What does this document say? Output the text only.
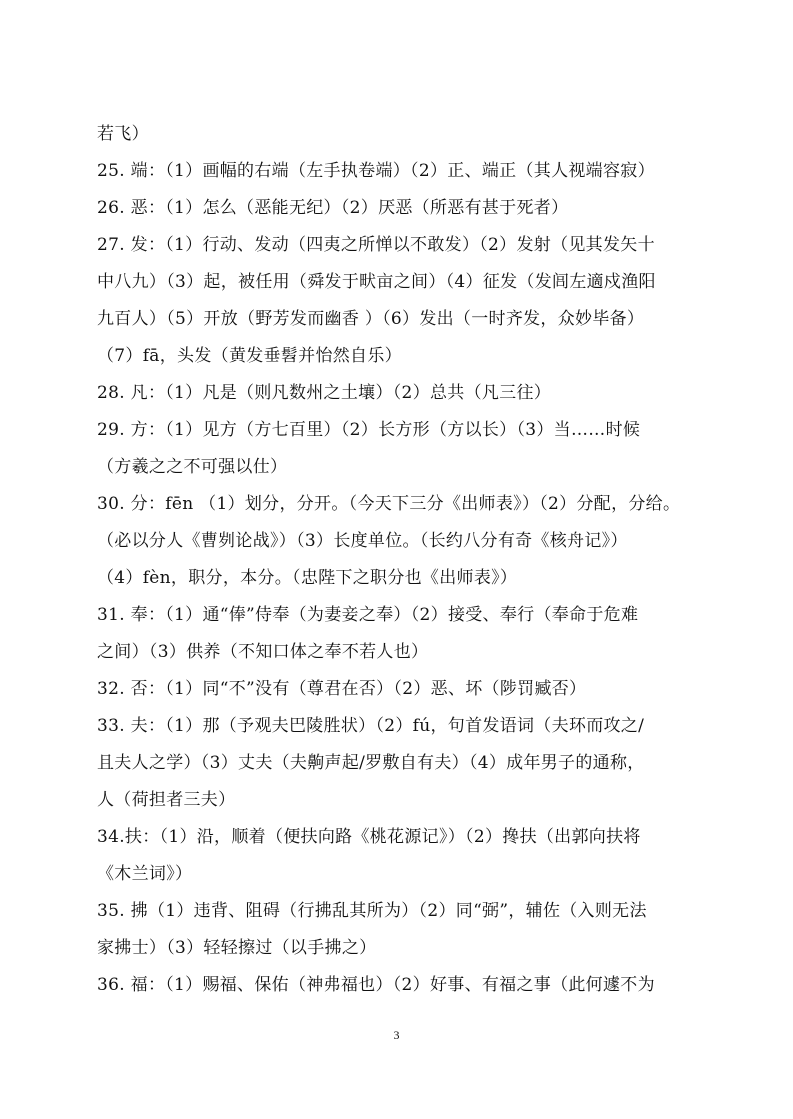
若飞）
25. 端：（1）画幅的右端（左手执卷端）（2）正、端正（其人视端容寂）
26. 恶：（1）怎么（恶能无纪）（2）厌恶（所恶有甚于死者）
27. 发：（1）行动、发动（四夷之所惮以不敢发）（2）发射（见其发矢十
中八九）（3）起，被任用（舜发于畎亩之间）（4）征发（发闾左適戍渔阳
九百人）（5）开放（野芳发而幽香 ）（6）发出（一时齐发，众妙毕备）
（7）fā，头发（黄发垂髫并怡然自乐）
28. 凡：（1）凡是（则凡数州之土壤）（2）总共（凡三往）
29. 方：（1）见方（方七百里）（2）长方形（方以长）（3）当……时候
（方羲之之不可强以仕）
30. 分：fēn （1）划分，分开。（今天下三分《出师表》）（2）分配，分给。
（必以分人《曹刿论战》）（3）长度单位。（长约八分有奇《核舟记》）
（4）fèn，职分，本分。（忠陛下之职分也《出师表》）
31. 奉：（1）通“俸”侍奉（为妻妾之奉）（2）接受、奉行（奉命于危难
之间）（3）供养（不知口体之奉不若人也）
32. 否：（1）同“不”没有（尊君在否）（2）恶、坏（陟罚臧否）
33. 夫：（1）那（予观夫巴陵胜状）（2）fú，句首发语词（夫环而攻之/
且夫人之学）（3）丈夫（夫齁声起/罗敷自有夫）（4）成年男子的通称，
人（荷担者三夫）
34.扶：（1）沿，顺着（便扶向路《桃花源记》）（2）搀扶（出郭向扶将
《木兰词》）
35. 拂（1）违背、阻碍（行拂乱其所为）（2）同“弼”，辅佐（入则无法
家拂士）（3）轻轻擦过（以手拂之）
36. 福：（1）赐福、保佑（神弗福也）（2）好事、有福之事（此何遽不为
3
